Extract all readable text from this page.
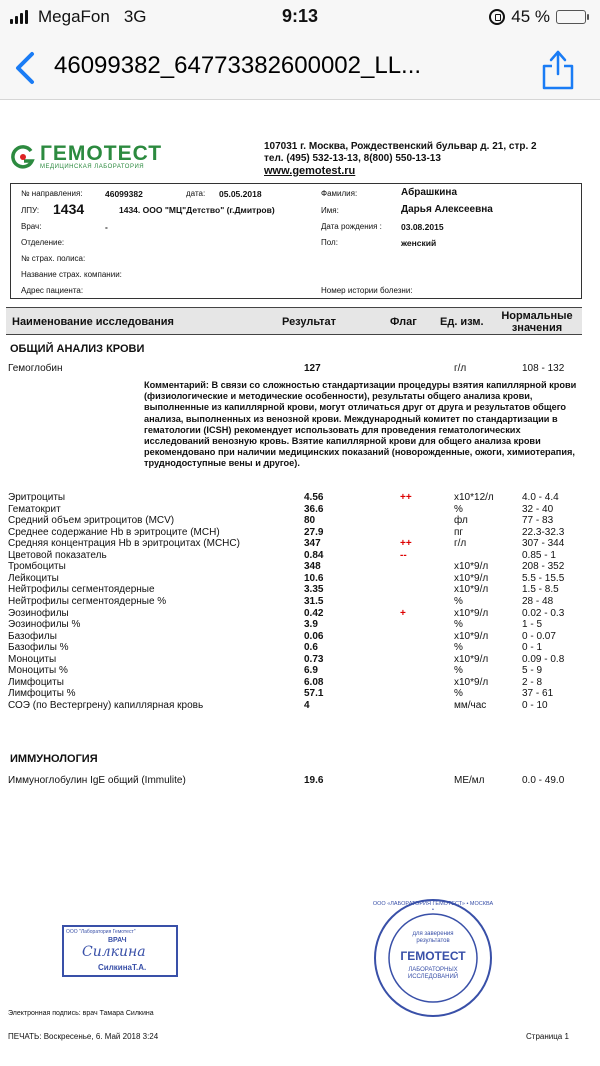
MegaFon 3G	9:13	45 %
46099382_64773382600002_LL...
ГЕМОТЕСТ
МЕДИЦИНСКАЯ ЛАБОРАТОРИЯ
107031 г. Москва, Рождественский бульвар д. 21, стр. 2
тел. (495) 532-13-13, 8(800) 550-13-13
www.gemotest.ru
№ направления:	46099382	дата: 05.05.2018
ЛПУ: 1434	1434. ООО "МЦ"Детство" (г.Дмитров)
Врач:	-
Отделение:
№ страх. полиса:
Название страх. компании:
Адрес пациента:
Фамилия:	Абрашкина
Имя:	Дарья Алексеевна
Дата рождения : 03.08.2015
Пол:	женский
Номер истории болезни:
Наименование исследования	Результат	Флаг Ед. изм.	Нормальные
значения
ОБЩИЙ АНАЛИЗ КРОВИ
Гемоглобин	127	г/л	108 - 132
Комментарий: В связи со сложностью стандартизации процедуры взятия капиллярной крови (физиологические и методические особенности), результаты общего анализа крови, выполненные из капиллярной крови, могут отличаться друг от друга и результатов общего анализа, выполненных из венозной крови. Международный комитет по стандартизации в гематологии (ICSH) рекомендует использовать для проведения гематологических исследований венозную кровь. Взятие капиллярной крови для общего анализа крови рекомендовано при наличии медицинских показаний (новорожденные, ожоги, химиотерапия, труднодоступные вены и другое).
Эритроциты	4.56	++	x10*12/л	4.0 - 4.4
Гематокрит	36.6	%	32 - 40
Средний объем эритроцитов (MCV)	80	фл	77 - 83
Среднее содержание Hb в эритроците (MCH)	27.9	пг	22.3-32.3
Средняя концентрация Hb в эритроцитах (MCHC)	347	++	г/л	307 - 344
Цветовой показатель	0.84	--	0.85 - 1
Тромбоциты	348	x10*9/л	208 - 352
Лейкоциты	10.6	x10*9/л	5.5 - 15.5
Нейтрофилы сегментоядерные	3.35	x10*9/л	1.5 - 8.5
Нейтрофилы сегментоядерные %	31.5	%	28 - 48
Эозинофилы	0.42	+	x10*9/л	0.02 - 0.3
Эозинофилы %	3.9	%	1 - 5
Базофилы	0.06	x10*9/л	0 - 0.07
Базофилы %	0.6	%	0 - 1
Моноциты	0.73	x10*9/л	0.09 - 0.8
Моноциты %	6.9	%	5 - 9
Лимфоциты	6.08	x10*9/л	2 - 8
Лимфоциты %	57.1	%	37 - 61
СОЭ (по Вестергрену) капиллярная кровь	4	мм/час	0 - 10
ИММУНОЛОГИЯ
Иммуноглобулин IgE общий (Immulite)	19.6	МЕ/мл	0.0 - 49.0
ООО "Лаборатория Гемотест"
ВРАЧ
Силкина
СилкинаТ.А.
ООО «ЛАБОРАТОРИЯ ГЕМОТЕСТ» • МОСКВА •
для заверения результатов
ГЕМОТЕСТ
ЛАБОРАТОРНЫХ ИССЛЕДОВАНИЙ
Электронная подпись: врач Тамара Силкина
ПЕЧАТЬ: Воскресенье, 6. Май 2018 3:24	Страница 1
